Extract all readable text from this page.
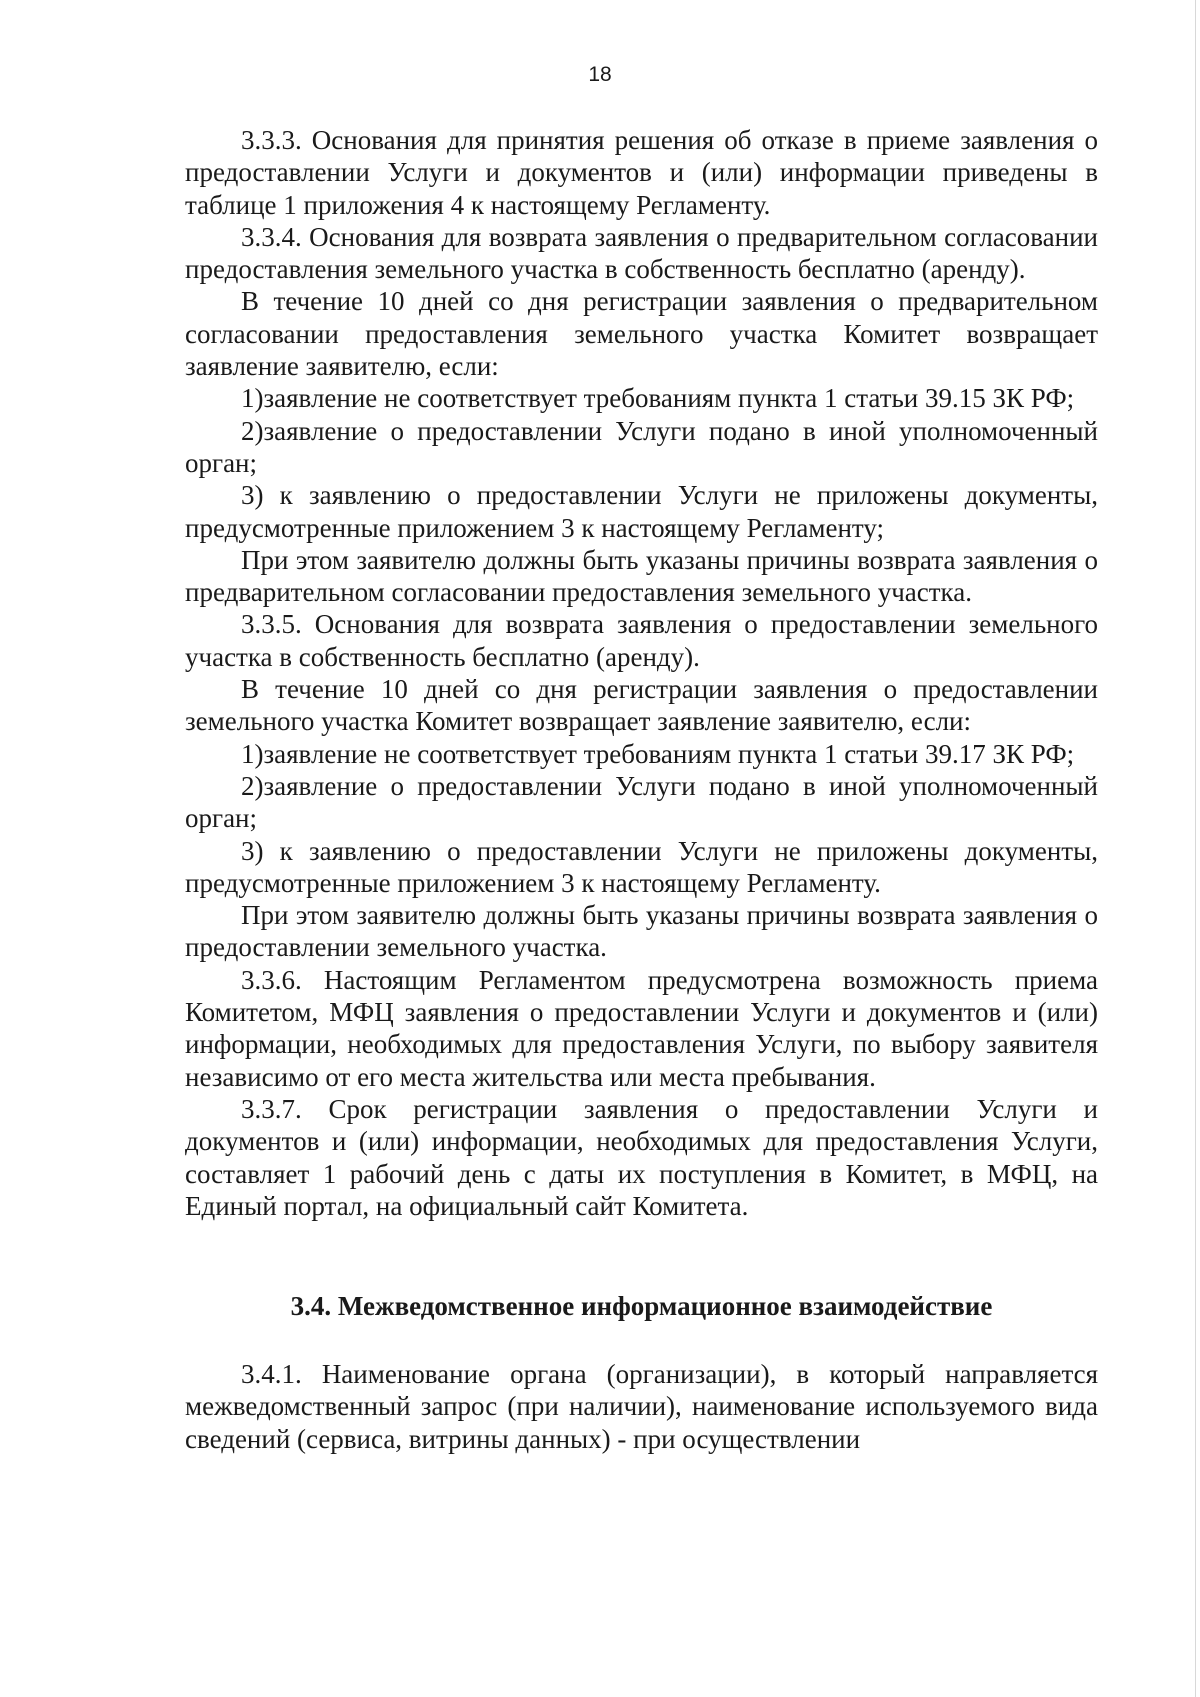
18

3.3.3. Основания для принятия решения об отказе в приеме заявления о предоставлении Услуги и документов и (или) информации приведены в таблице 1 приложения 4 к настоящему Регламенту.

3.3.4. Основания для возврата заявления о предварительном согласовании предоставления земельного участка в собственность бесплатно (аренду).

В течение 10 дней со дня регистрации заявления о предварительном согласовании предоставления земельного участка Комитет возвращает заявление заявителю, если:

1)заявление не соответствует требованиям пункта 1 статьи 39.15 ЗК РФ;

2)заявление о предоставлении Услуги подано в иной уполномоченный орган;

3) к заявлению о предоставлении Услуги не приложены документы, предусмотренные приложением 3 к настоящему Регламенту;

При этом заявителю должны быть указаны причины возврата заявления о предварительном согласовании предоставления земельного участка.

3.3.5. Основания для возврата заявления о предоставлении земельного участка в собственность бесплатно (аренду).

В течение 10 дней со дня регистрации заявления о предоставлении земельного участка Комитет возвращает заявление заявителю, если:

1)заявление не соответствует требованиям пункта 1 статьи 39.17 ЗК РФ;

2)заявление о предоставлении Услуги подано в иной уполномоченный орган;

3) к заявлению о предоставлении Услуги не приложены документы, предусмотренные приложением 3 к настоящему Регламенту.

При этом заявителю должны быть указаны причины возврата заявления о предоставлении земельного участка.

3.3.6. Настоящим Регламентом предусмотрена возможность приема Комитетом, МФЦ заявления о предоставлении Услуги и документов и (или) информации, необходимых для предоставления Услуги, по выбору заявителя независимо от его места жительства или места пребывания.

3.3.7. Срок регистрации заявления о предоставлении Услуги и документов и (или) информации, необходимых для предоставления Услуги, составляет 1 рабочий день с даты их поступления в Комитет, в МФЦ, на Единый портал, на официальный сайт Комитета.

3.4. Межведомственное информационное взаимодействие

3.4.1. Наименование органа (организации), в который направляется межведомственный запрос (при наличии), наименование используемого вида сведений (сервиса, витрины данных) - при осуществлении
